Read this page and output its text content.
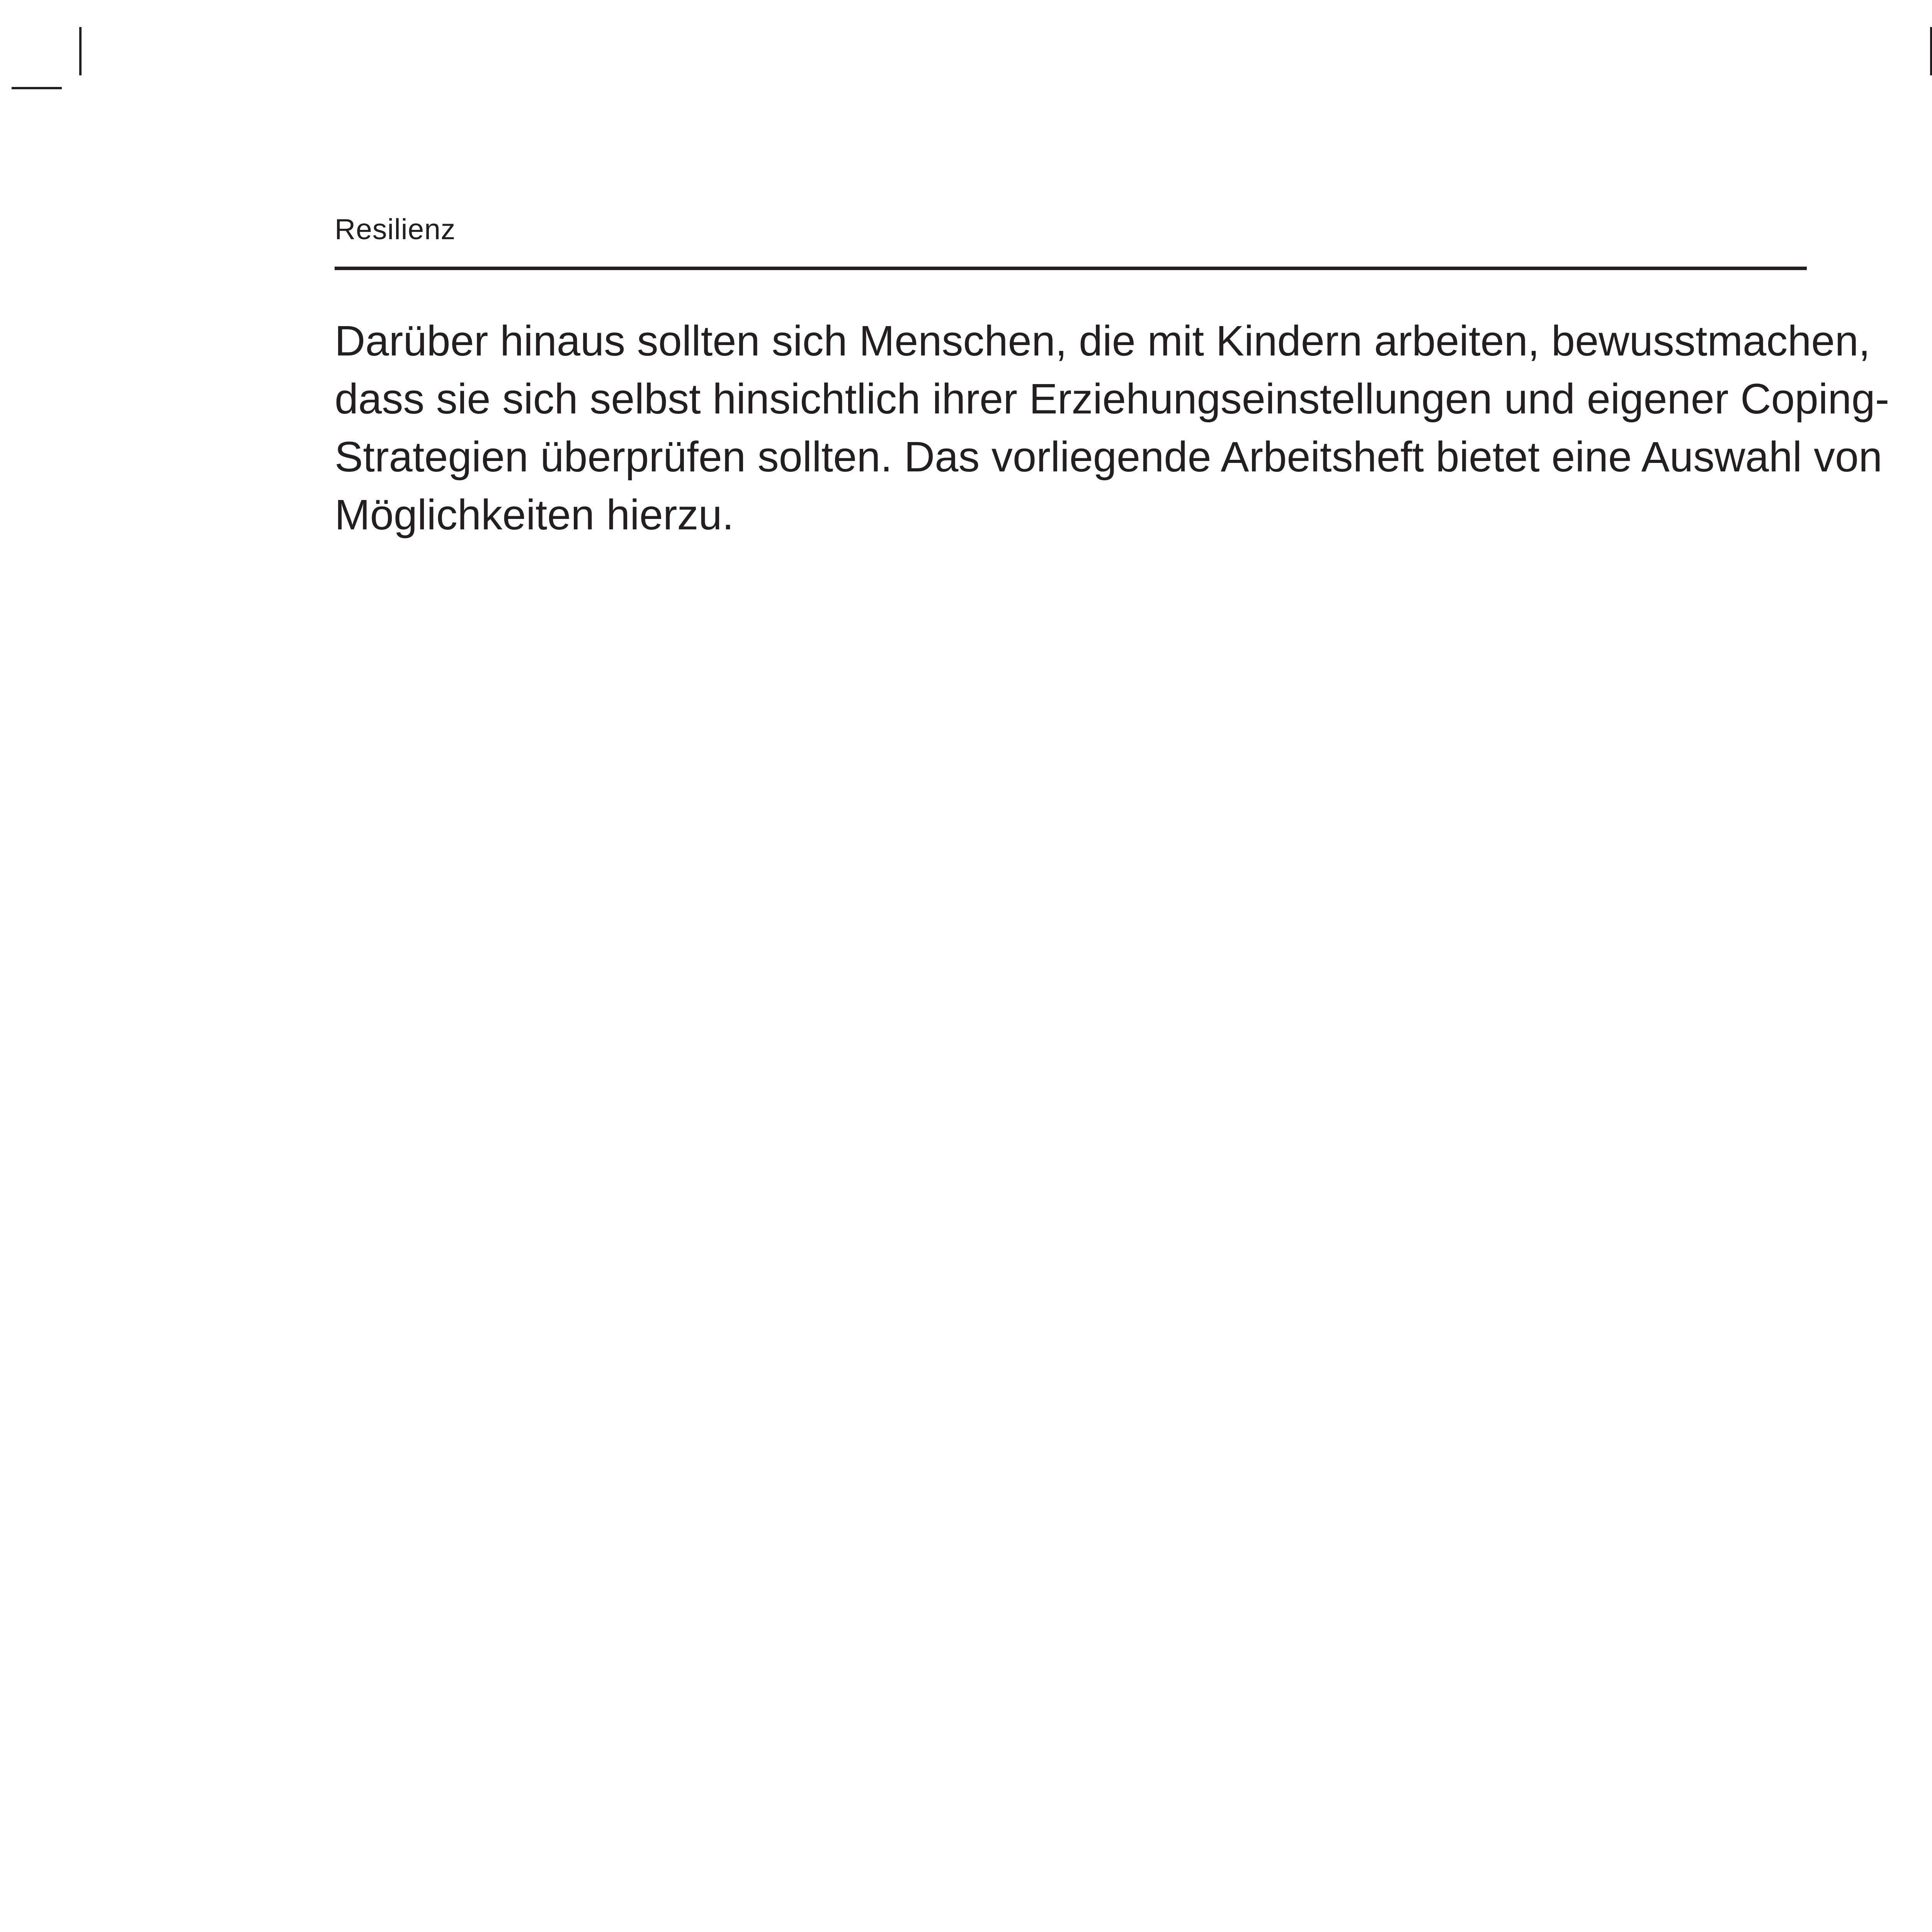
Resilienz

Darüber hinaus sollten sich Menschen, die mit Kindern arbeiten, bewusstmachen,
dass sie sich selbst hinsichtlich ihrer Erziehungseinstellungen und eigener Coping-
Strategien überprüfen sollten. Das vorliegende Arbeitsheft bietet eine Auswahl von
Möglichkeiten hierzu.
